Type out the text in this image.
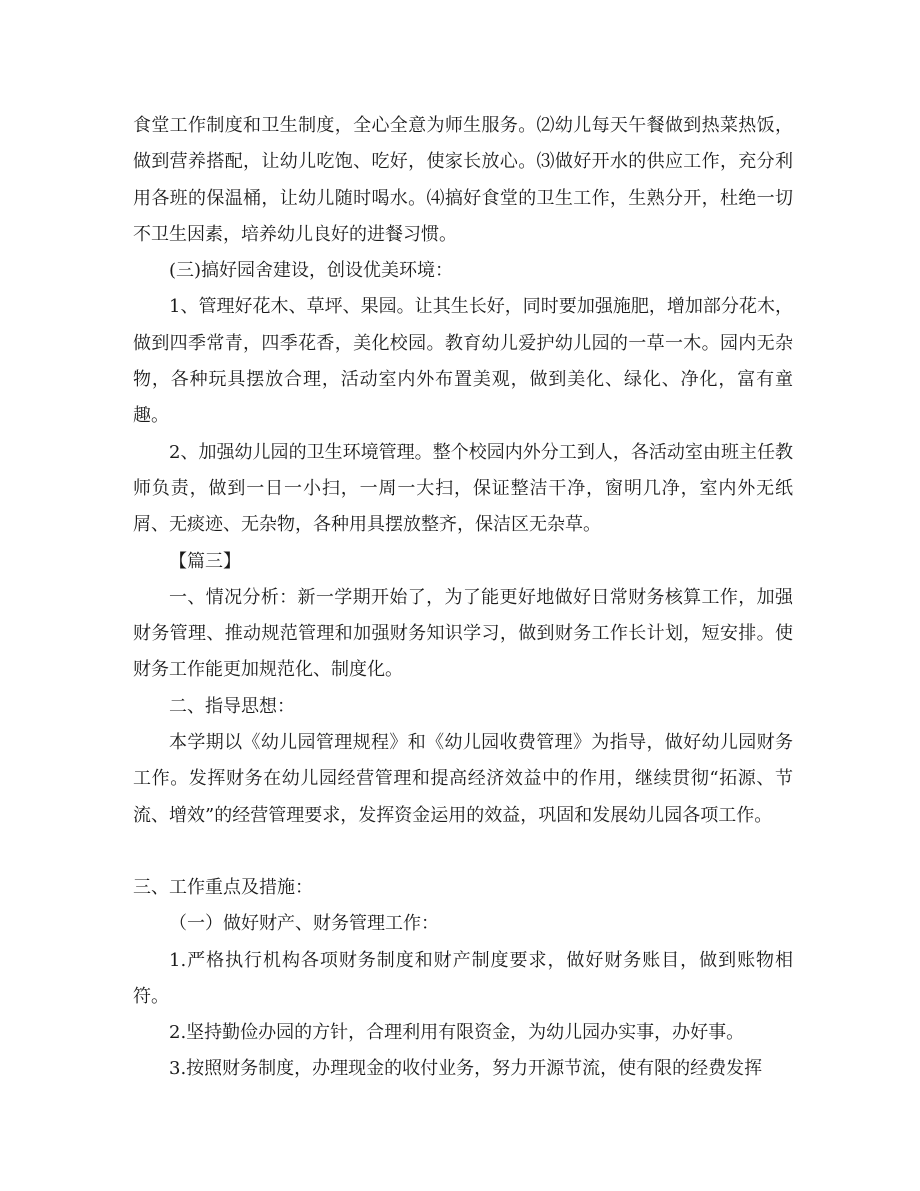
食堂工作制度和卫生制度，全心全意为师生服务。⑵幼儿每天午餐做到热菜热饭，做到营养搭配，让幼儿吃饱、吃好，使家长放心。⑶做好开水的供应工作，充分利用各班的保温桶，让幼儿随时喝水。⑷搞好食堂的卫生工作，生熟分开，杜绝一切不卫生因素，培养幼儿良好的进餐习惯。

(三)搞好园舍建设，创设优美环境：

1、管理好花木、草坪、果园。让其生长好，同时要加强施肥，增加部分花木，做到四季常青，四季花香，美化校园。教育幼儿爱护幼儿园的一草一木。园内无杂物，各种玩具摆放合理，活动室内外布置美观，做到美化、绿化、净化，富有童趣。

2、加强幼儿园的卫生环境管理。整个校园内外分工到人，各活动室由班主任教师负责，做到一日一小扫，一周一大扫，保证整洁干净，窗明几净，室内外无纸屑、无痰迹、无杂物，各种用具摆放整齐，保洁区无杂草。

【篇三】

一、情况分析：新一学期开始了，为了能更好地做好日常财务核算工作，加强财务管理、推动规范管理和加强财务知识学习，做到财务工作长计划，短安排。使财务工作能更加规范化、制度化。

二、指导思想：

本学期以《幼儿园管理规程》和《幼儿园收费管理》为指导，做好幼儿园财务工作。发挥财务在幼儿园经营管理和提高经济效益中的作用，继续贯彻“拓源、节流、增效”的经营管理要求，发挥资金运用的效益，巩固和发展幼儿园各项工作。

三、工作重点及措施：

（一）做好财产、财务管理工作：

1.严格执行机构各项财务制度和财产制度要求，做好财务账目，做到账物相符。

2.坚持勤俭办园的方针，合理利用有限资金，为幼儿园办实事，办好事。

3.按照财务制度，办理现金的收付业务，努力开源节流，使有限的经费发挥
